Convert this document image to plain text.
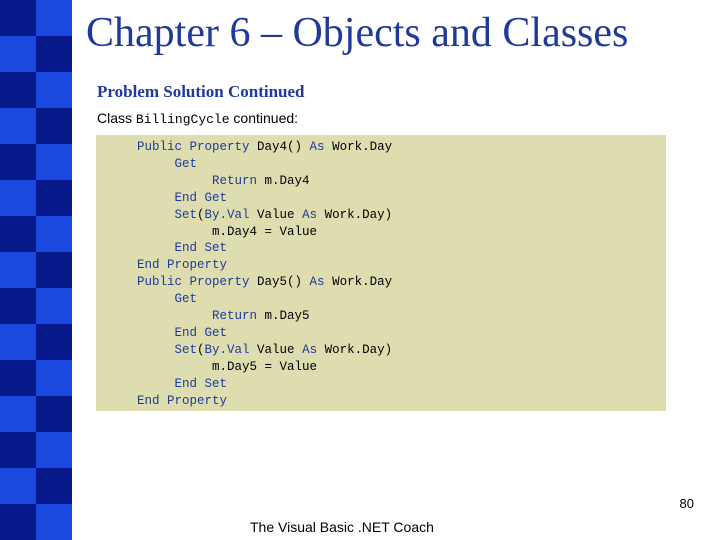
Chapter 6 – Objects and Classes
Problem Solution Continued
Class BillingCycle continued:
Public Property Day4() As Work.Day
Get
Return m.Day4
End Get
Set(By.Val Value As Work.Day)
m.Day4 = Value
End Set
End Property
Public Property Day5() As Work.Day
Get
Return m.Day5
End Get
Set(By.Val Value As Work.Day)
m.Day5 = Value
End Set
End Property
80
The Visual Basic .NET Coach
